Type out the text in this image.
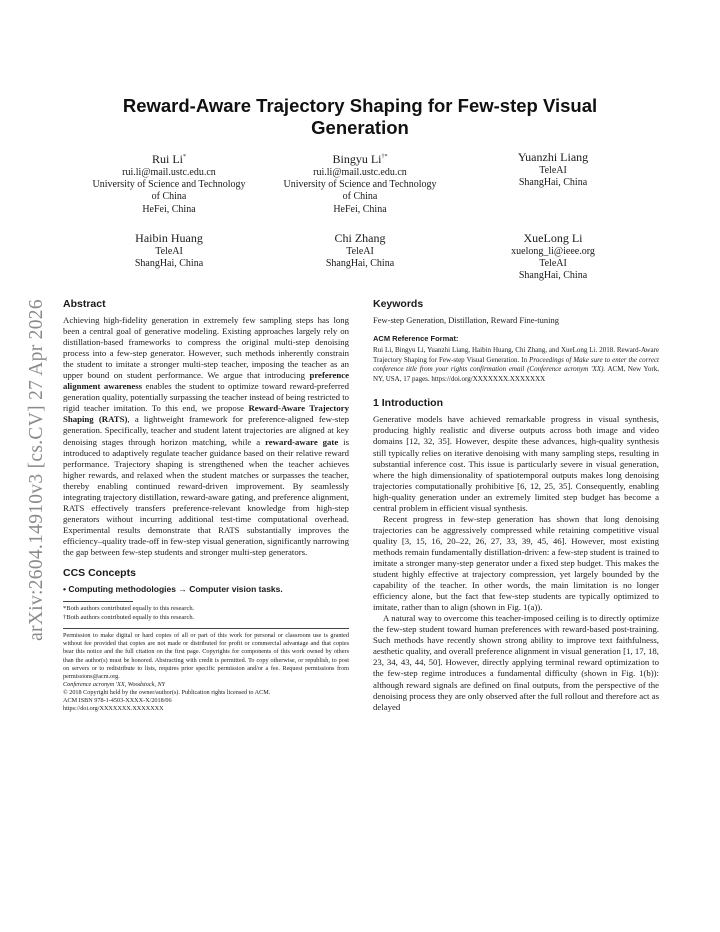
arXiv:2604.14910v3 [cs.CV] 27 Apr 2026
Reward-Aware Trajectory Shaping for Few-step Visual
Generation
Rui Li*
rui.li@mail.ustc.edu.cn
University of Science and Technology
of China
HeFei, China
Bingyu Li†*
rui.li@mail.ustc.edu.cn
University of Science and Technology
of China
HeFei, China
Yuanzhi Liang
TeleAI
ShangHai, China
Haibin Huang
TeleAI
ShangHai, China
Chi Zhang
TeleAI
ShangHai, China
XueLong Li
xuelong_li@ieee.org
TeleAI
ShangHai, China
Abstract

Achieving high-fidelity generation in extremely few sampling steps has long been a central goal of generative modeling. Existing approaches largely rely on distillation-based frameworks to compress the original multi-step denoising process into a few-step generator. However, such methods inherently constrain the student to imitate a stronger multi-step teacher, imposing the teacher as an upper bound on student performance. We argue that introducing preference alignment awareness enables the student to optimize toward reward-preferred generation quality, potentially surpassing the teacher instead of being restricted to rigid teacher imitation. To this end, we propose Reward-Aware Trajectory Shaping (RATS), a lightweight framework for preference-aligned few-step generation. Specifically, teacher and student latent trajectories are aligned at key denoising stages through horizon matching, while a reward-aware gate is introduced to adaptively regulate teacher guidance based on their relative reward performance. Trajectory shaping is strengthened when the teacher achieves higher rewards, and relaxed when the student matches or surpasses the teacher, thereby enabling continued reward-driven improvement. By seamlessly integrating trajectory distillation, reward-aware gating, and preference alignment, RATS effectively transfers preference-relevant knowledge from high-step generators without incurring additional test-time computational overhead. Experimental results demonstrate that RATS substantially improves the efficiency–quality trade-off in few-step visual generation, significantly narrowing the gap between few-step students and stronger multi-step generators.

CCS Concepts
• Computing methodologies → Computer vision tasks.
*Both authors contributed equally to this research.
†Both authors contributed equally to this research.
Permission to make digital or hard copies of all or part of this work for personal or classroom use is granted without fee provided that copies are not made or distributed for profit or commercial advantage and that copies bear this notice and the full citation on the first page. Copyrights for components of this work owned by others than the author(s) must be honored. Abstracting with credit is permitted. To copy otherwise, or republish, to post on servers or to redistribute to lists, requires prior specific permission and/or a fee. Request permissions from permissions@acm.org.
Conference acronym 'XX, Woodstock, NY
© 2018 Copyright held by the owner/author(s). Publication rights licensed to ACM.
ACM ISBN 978-1-4503-XXXX-X/2018/06
https://doi.org/XXXXXXX.XXXXXXX
Keywords

Few-step Generation, Distillation, Reward Fine-tuning

ACM Reference Format:

Rui Li, Bingyu Li, Yuanzhi Liang, Haibin Huang, Chi Zhang, and XueLong Li. 2018. Reward-Aware Trajectory Shaping for Few-step Visual Generation. In Proceedings of Make sure to enter the correct conference title from your rights confirmation email (Conference acronym 'XX). ACM, New York, NY, USA, 17 pages. https://doi.org/XXXXXXX.XXXXXXX

1 Introduction

Generative models have achieved remarkable progress in visual synthesis, producing highly realistic and diverse outputs across both image and video domains [12, 32, 35]. However, despite these advances, high-quality synthesis still typically relies on iterative denoising with many sampling steps, resulting in substantial inference cost. This issue is particularly severe in visual generation, where the high dimensionality of spatiotemporal outputs makes long denoising trajectories computationally prohibitive [6, 12, 25, 35]. Consequently, enabling high-quality generation under an extremely limited step budget has become a central problem in efficient visual synthesis.

Recent progress in few-step generation has shown that long denoising trajectories can be aggressively compressed while retaining competitive visual quality [3, 15, 16, 20–22, 26, 27, 33, 39, 45, 46]. However, most existing methods remain fundamentally distillation-driven: a few-step student is trained to imitate a stronger many-step generator under a fixed step budget. This makes the student highly effective at trajectory compression, yet largely bounded by the capability of the teacher. In other words, the main limitation is no longer efficiency alone, but the fact that few-step students are typically optimized to imitate, rather than to align (shown in Fig. 1(a)).

A natural way to overcome this teacher-imposed ceiling is to directly optimize the few-step student toward human preferences with reward-based post-training. Such methods have recently shown strong ability to improve text faithfulness, aesthetic quality, and overall preference alignment in visual generation [1, 17, 18, 23, 34, 43, 44, 50]. However, directly applying terminal reward optimization to the few-step regime introduces a fundamental difficulty (shown in Fig. 1(b)): although reward signals are defined on final outputs, from the perspective of the denoising process they are only observed after the full rollout and therefore act as delayed
